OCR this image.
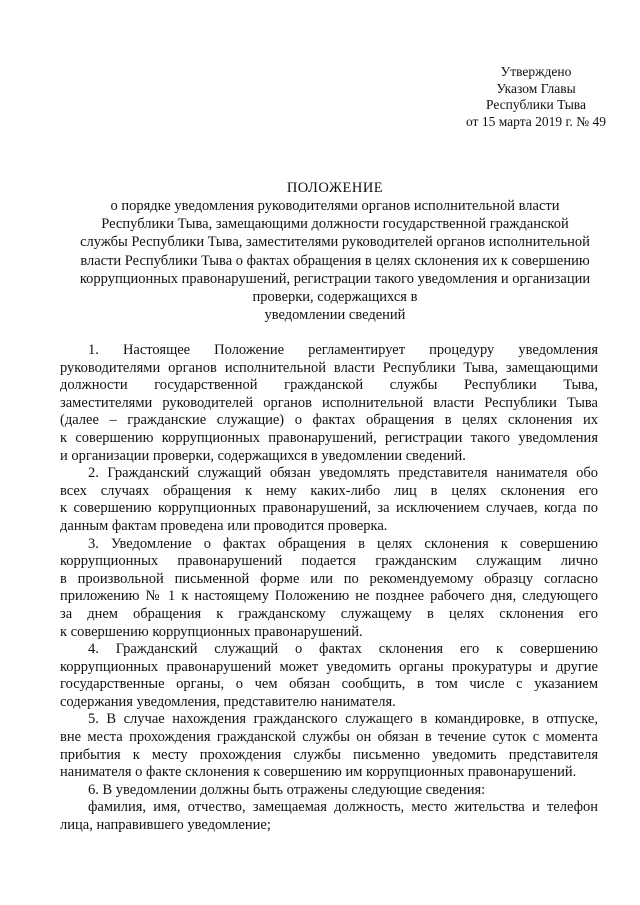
Утверждено
Указом Главы
Республики Тыва
от 15 марта 2019 г. № 49
ПОЛОЖЕНИЕ
о порядке уведомления руководителями органов исполнительной власти
Республики Тыва, замещающими должности государственной гражданской
службы Республики Тыва, заместителями руководителей органов исполнительной
власти Республики Тыва о фактах обращения в целях склонения их к совершению
коррупционных правонарушений, регистрации такого уведомления и организации
проверки, содержащихся в
уведомлении сведений
1. Настоящее Положение регламентирует процедуру уведомления
руководителями органов исполнительной власти Республики Тыва, замещающими
должности государственной гражданской службы Республики Тыва,
заместителями руководителей органов исполнительной власти Республики Тыва
(далее – гражданские служащие) о фактах обращения в целях склонения их
к совершению коррупционных правонарушений, регистрации такого уведомления
и организации проверки, содержащихся в уведомлении сведений.
2. Гражданский служащий обязан уведомлять представителя нанимателя обо
всех случаях обращения к нему каких-либо лиц в целях склонения его
к совершению коррупционных правонарушений, за исключением случаев, когда по
данным фактам проведена или проводится проверка.
3. Уведомление о фактах обращения в целях склонения к совершению
коррупционных правонарушений подается гражданским служащим лично
в произвольной письменной форме или по рекомендуемому образцу согласно
приложению № 1 к настоящему Положению не позднее рабочего дня, следующего
за днем обращения к гражданскому служащему в целях склонения его
к совершению коррупционных правонарушений.
4. Гражданский служащий о фактах склонения его к совершению
коррупционных правонарушений может уведомить органы прокуратуры и другие
государственные органы, о чем обязан сообщить, в том числе с указанием
содержания уведомления, представителю нанимателя.
5. В случае нахождения гражданского служащего в командировке, в отпуске,
вне места прохождения гражданской службы он обязан в течение суток с момента
прибытия к месту прохождения службы письменно уведомить представителя
нанимателя о факте склонения к совершению им коррупционных правонарушений.
6. В уведомлении должны быть отражены следующие сведения:
фамилия, имя, отчество, замещаемая должность, место жительства и телефон
лица, направившего уведомление;
